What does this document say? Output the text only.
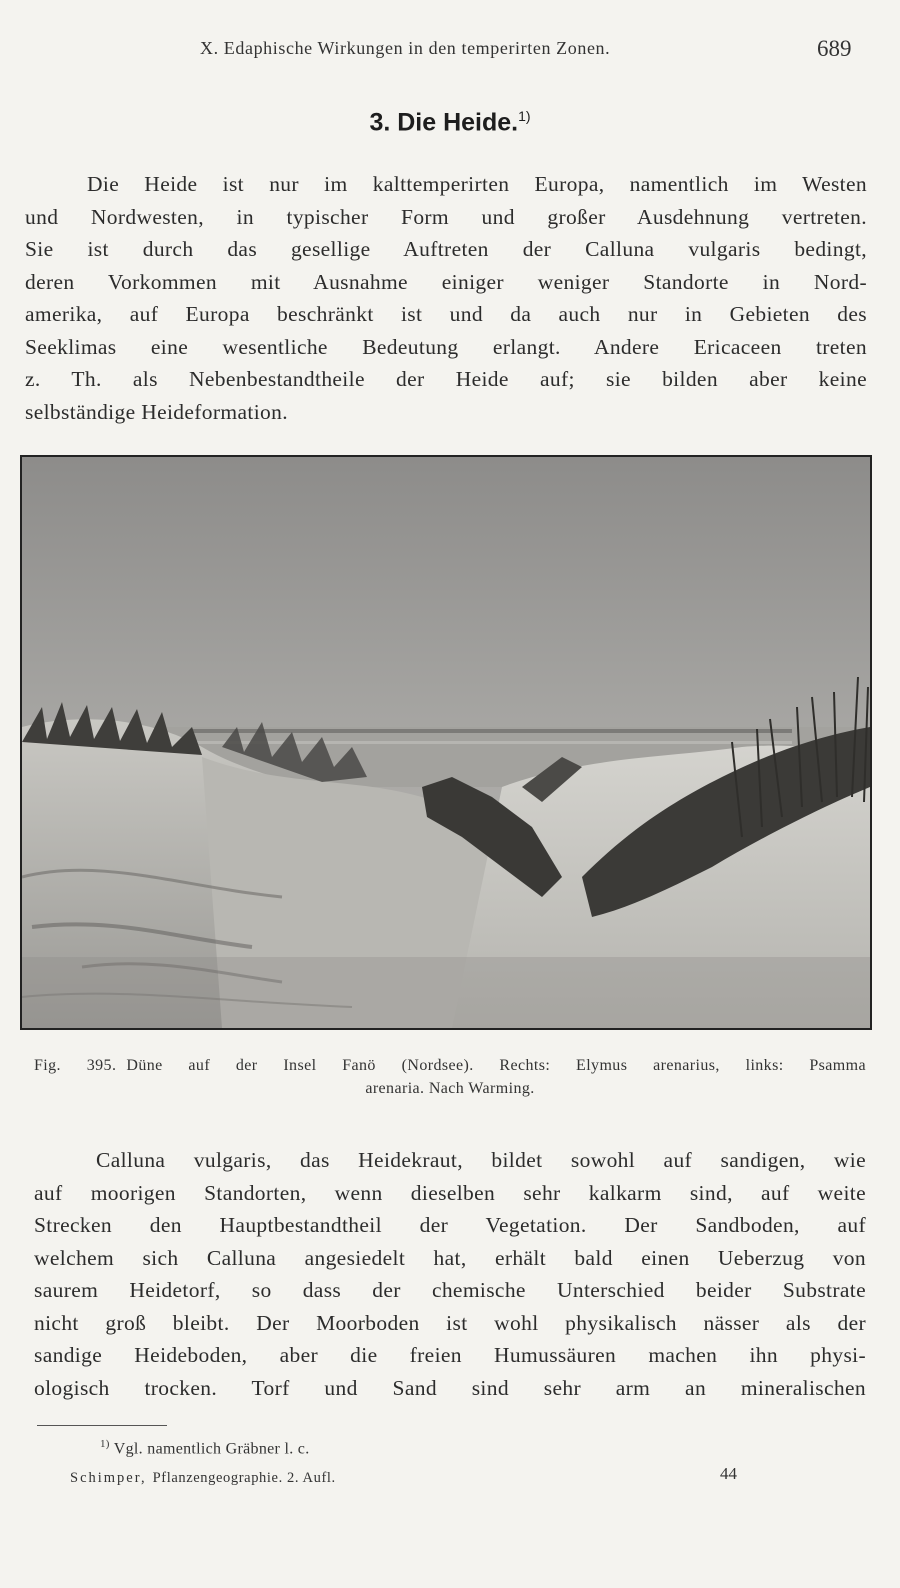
X. Edaphische Wirkungen in den temperirten Zonen.	689
3. Die Heide.$^{1)}$
Die Heide ist nur im kalttemperirten Europa, namentlich im Westen
und Nordwesten, in typischer Form und großer Ausdehnung vertreten.
Sie ist durch das gesellige Auftreten der Calluna vulgaris bedingt,
deren Vorkommen mit Ausnahme einiger weniger Standorte in Nord-
amerika, auf Europa beschränkt ist und da auch nur in Gebieten des
Seeklimas eine wesentliche Bedeutung erlangt. Andere Ericaceen treten
z. Th. als Nebenbestandtheile der Heide auf; sie bilden aber keine
selbständige Heideformation.
Fig. 395. Düne auf der Insel Fanö (Nordsee). Rechts: Elymus arenarius, links: Psamma
arenaria. Nach Warming.
Calluna vulgaris, das Heidekraut, bildet sowohl auf sandigen, wie
auf moorigen Standorten, wenn dieselben sehr kalkarm sind, auf weite
Strecken den Hauptbestandtheil der Vegetation. Der Sandboden, auf
welchem sich Calluna angesiedelt hat, erhält bald einen Ueberzug von
saurem Heidetorf, so dass der chemische Unterschied beider Substrate
nicht groß bleibt. Der Moorboden ist wohl physikalisch nässer als der
sandige Heideboden, aber die freien Humussäuren machen ihn physi-
ologisch trocken. Torf und Sand sind sehr arm an mineralischen
$^{1)}$ Vgl. namentlich Gräbner l. c.
Schimper, Pflanzengeographie. 2. Aufl.	44
